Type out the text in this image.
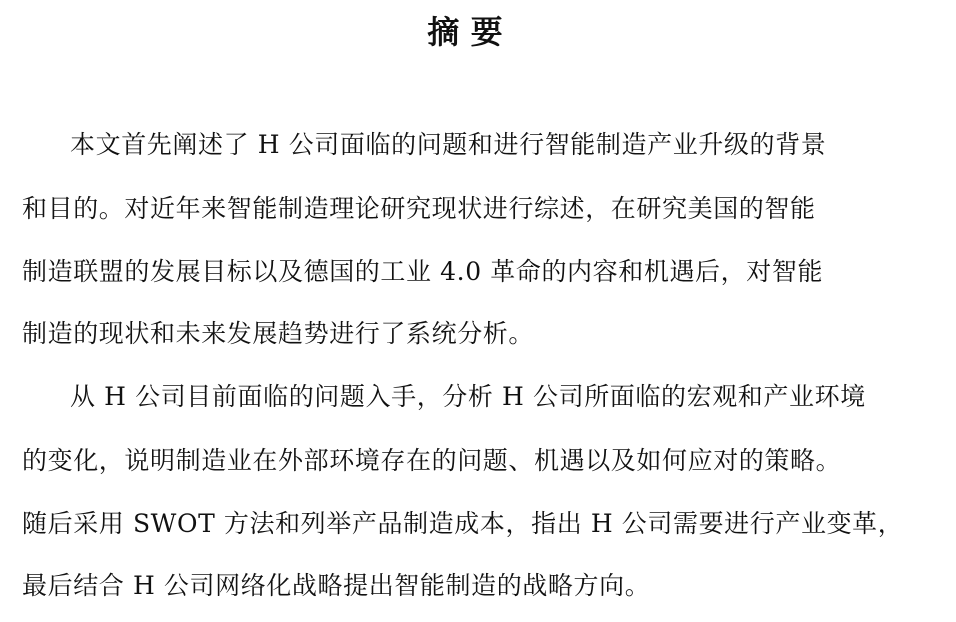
摘 要
本文首先阐述了 H 公司面临的问题和进行智能制造产业升级的背景
和目的。对近年来智能制造理论研究现状进行综述，在研究美国的智能
制造联盟的发展目标以及德国的工业 4.0 革命的内容和机遇后，对智能
制造的现状和未来发展趋势进行了系统分析。
从 H 公司目前面临的问题入手，分析 H 公司所面临的宏观和产业环境
的变化，说明制造业在外部环境存在的问题、机遇以及如何应对的策略。
随后采用 SWOT 方法和列举产品制造成本，指出 H 公司需要进行产业变革，
最后结合 H 公司网络化战略提出智能制造的战略方向。
